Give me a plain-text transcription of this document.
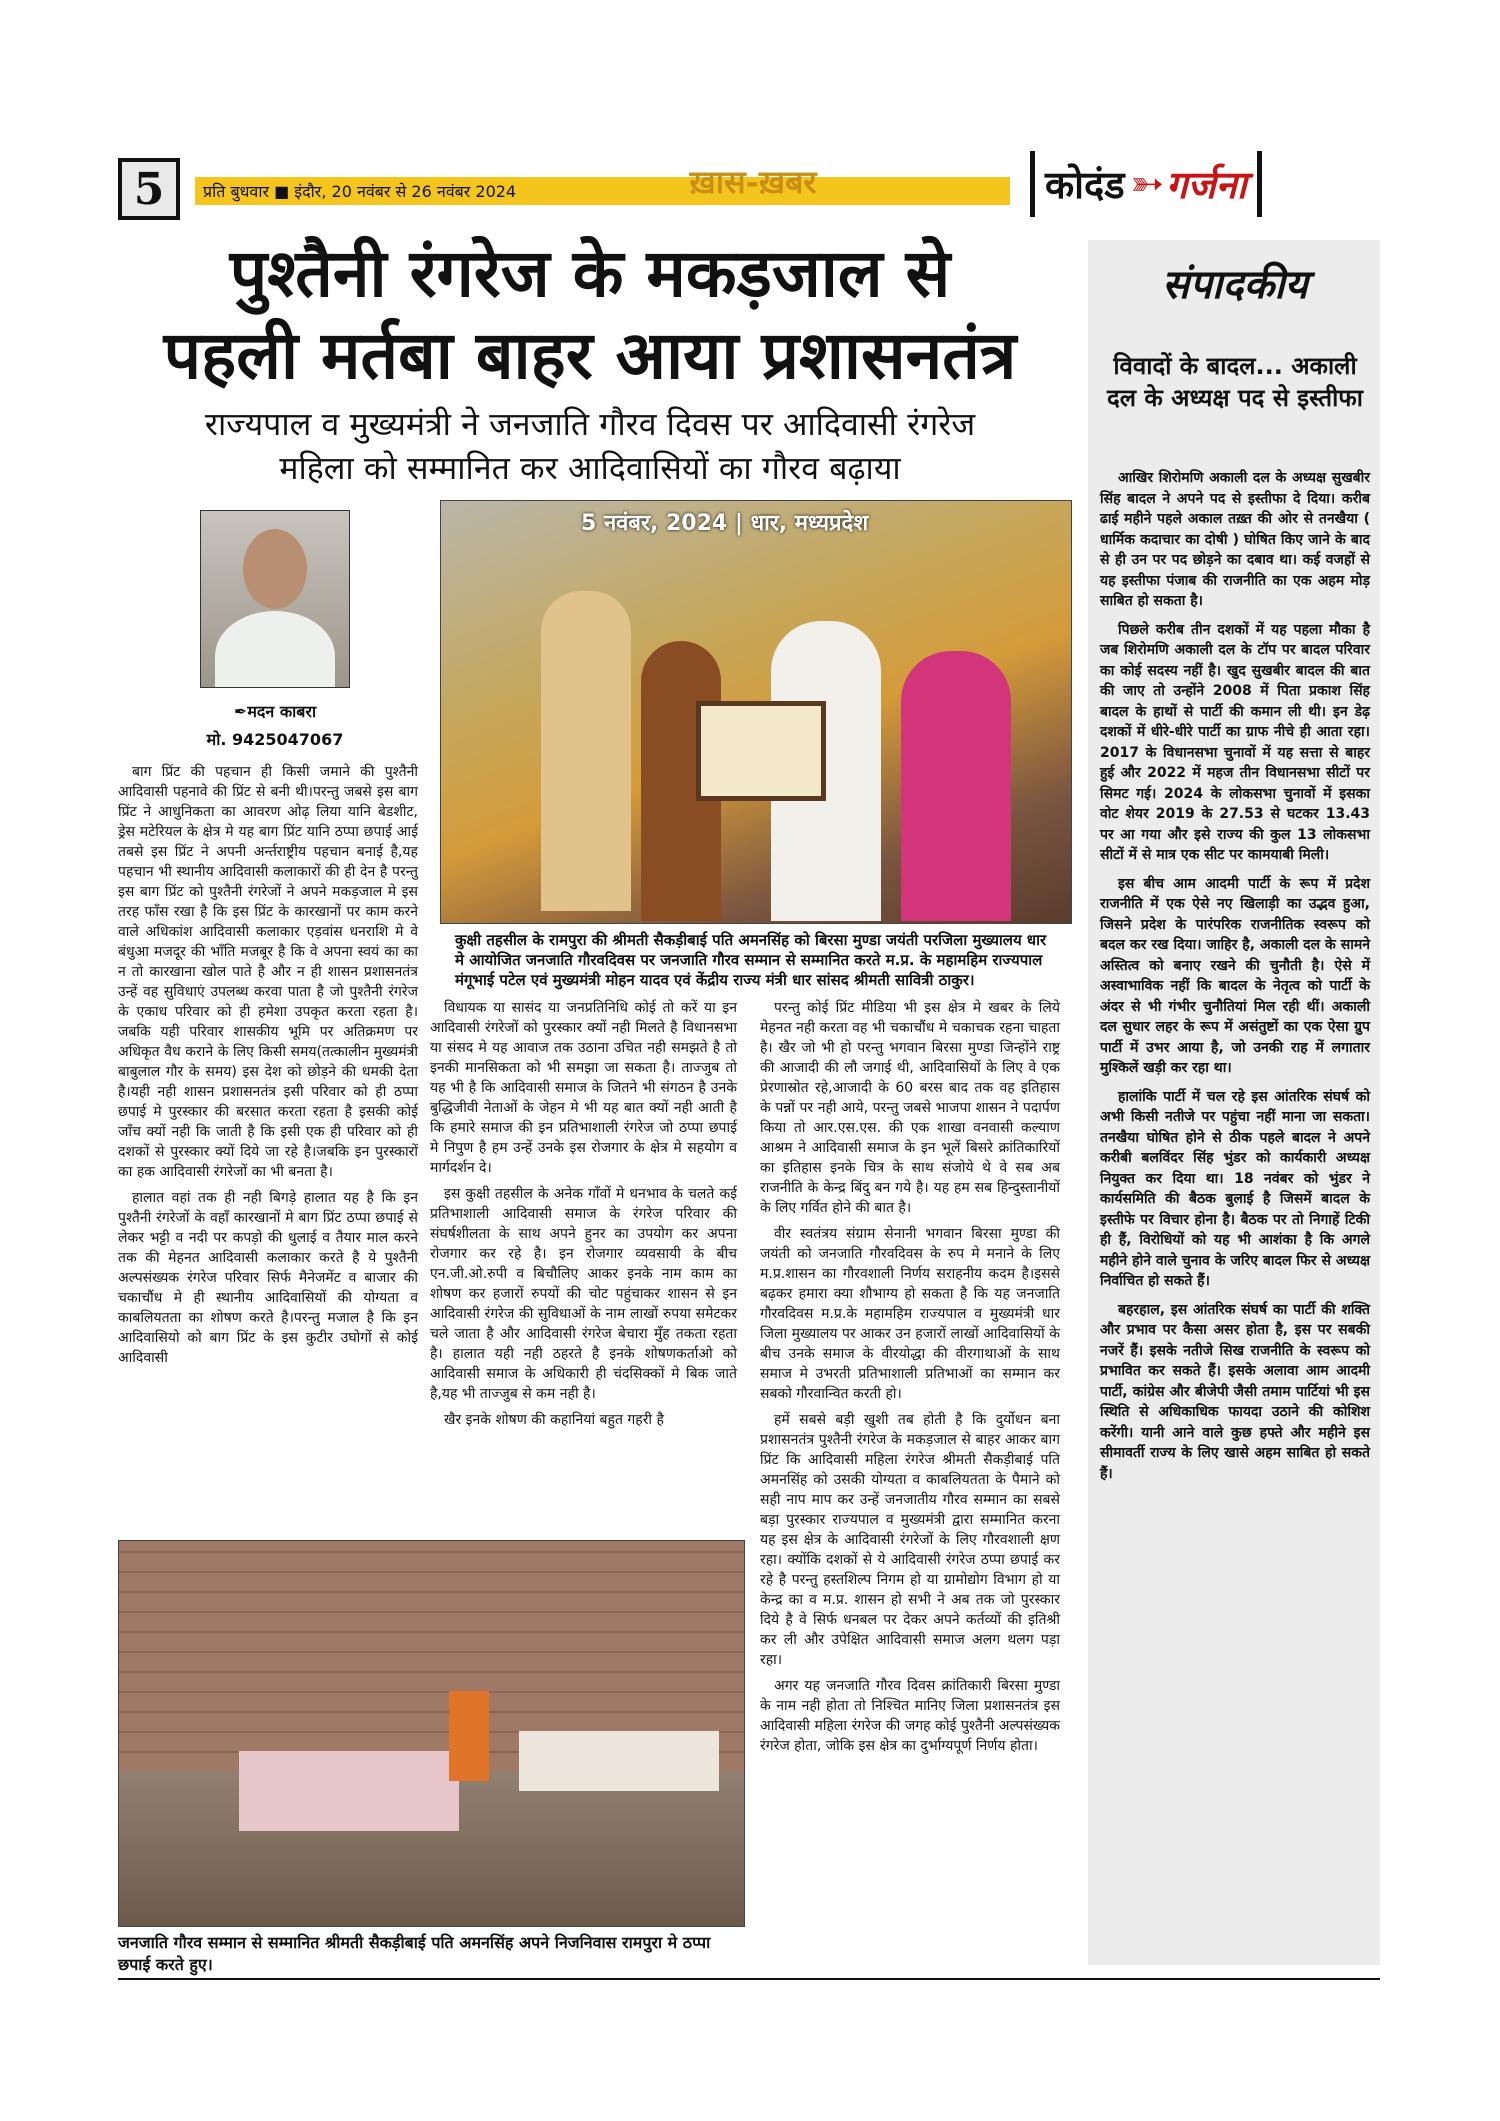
5	प्रति बुधवार ■ इंदौर, 20 नवंबर से 26 नवंबर 2024	ख़ास-ख़बर	कोदंड ➳ गर्जना
पुश्तैनी रंगरेज के मकड़जाल से
पहली मर्तबा बाहर आया प्रशासनतंत्र
राज्यपाल व मुख्यमंत्री ने जनजाति गौरव दिवस पर आदिवासी रंगरेज
महिला को सम्मानित कर आदिवासियों का गौरव बढ़ाया
✒मदन काबरा
मो. 9425047067
5 नवंबर, 2024 | धार, मध्यप्रदेश
कुक्षी तहसील के रामपुरा की श्रीमती सैकड़ीबाई पति अमनसिंह को बिरसा मुण्डा जयंती परजिला मुख्यालय धार मे आयोजित जनजाति गौरवदिवस पर जनजाति गौरव सम्मान से सम्मानित करते म.प्र. के महामहिम राज्यपाल मंगूभाई पटेल एवं मुख्यमंत्री मोहन यादव एवं केंद्रीय राज्य मंत्री धार सांसद श्रीमती सावित्री ठाकुर।

बाग प्रिंट की पहचान ही किसी जमाने की पुश्तैनी आदिवासी पहनावे की प्रिंट से बनी थी।परन्तु जबसे इस बाग प्रिंट ने आधुनिकता का आवरण ओढ़ लिया यानि बेडशीट, ड्रेस मटेरियल के क्षेत्र मे यह बाग प्रिंट यानि ठप्पा छपाई आई तबसे इस प्रिंट ने अपनी अर्न्तराष्ट्रीय पहचान बनाई है,यह पहचान भी स्थानीय आदिवासी कलाकारों की ही देन है परन्तु इस बाग प्रिंट को पुश्तैनी रंगरेजों ने अपने मकड़जाल मे इस तरह फाँस रखा है कि इस प्रिंट के कारखानों पर काम करने वाले अधिकांश आदिवासी कलाकार एड़वांस धनराशि मे वे बंधुआ मजदूर की भाँति मजबूर है कि वे अपना स्वयं का का न तो कारखाना खोल पाते है और न ही शासन प्रशासनतंत्र उन्हें वह सुविधाएं उपलब्ध करवा पाता है जो पुश्तैनी रंगरेज के एकाध परिवार को ही हमेशा उपकृत करता रहता है।जबकि यही परिवार शासकीय भूमि पर अतिक्रमण पर अधिकृत वैध कराने के लिए किसी समय(तत्कालीन मुख्यमंत्री बाबुलाल गौर के समय) इस देश को छोड़ने की धमकी देता है।यही नही शासन प्रशासनतंत्र इसी परिवार को ही ठप्पा छपाई मे पुरस्कार की बरसात करता रहता है इसकी कोई जाँच क्यों नही कि जाती है कि इसी एक ही परिवार को ही दशकों से पुरस्कार क्यों दिये जा रहे है।जबकि इन पुरस्कारों का हक आदिवासी रंगरेजों का भी बनता है।

हालात वहां तक ही नही बिगड़े हालात यह है कि इन पुश्तैनी रंगरेजों के वहाँ कारखानों मे बाग प्रिंट ठप्पा छपाई से लेकर भट्टी व नदी पर कपड़ो की धुलाई व तैयार माल करने तक की मेहनत आदिवासी कलाकार करते है ये पुश्तैनी अल्पसंख्यक रंगरेज परिवार सिर्फ मैनेजमेंट व बाजार की चकाचौंध मे ही स्थानीय आदिवासियों की योग्यता व काबलियतता का शोषण करते है।परन्तु मजाल है कि इन आदिवासियो को बाग प्रिंट के इस कुटीर उघोगों से कोई आदिवासी

विधायक या सासंद या जनप्रतिनिधि कोई तो करें या इन आदिवासी रंगरेजों को पुरस्कार क्यों नही मिलते है विधानसभा या संसद मे यह आवाज तक उठाना उचित नही समझते है तो इनकी मानसिकता को भी समझा जा सकता है। ताज्जुब तो यह भी है कि आदिवासी समाज के जितने भी संगठन है उनके बुद्धिजीवी नेताओं के जेहन मे भी यह बात क्यों नही आती है कि हमारे समाज की इन प्रतिभाशाली रंगरेज जो ठप्पा छपाई मे निपुण है हम उन्हें उनके इस रोजगार के क्षेत्र मे सहयोग व मार्गदर्शन दे।

इस कुक्षी तहसील के अनेक गाँवों मे धनभाव के चलते कई प्रतिभाशाली आदिवासी समाज के रंगरेज परिवार की संघर्षशीलता के साथ अपने हुनर का उपयोग कर अपना रोजगार कर रहे है। इन रोजगार व्यवसायी के बीच एन.जी.ओ.रुपी व बिचौलिए आकर इनके नाम काम का शोषण कर हजारों रुपयों की चोट पहुंचाकर शासन से इन आदिवासी रंगरेज की सुविधाओं के नाम लाखों रुपया समेटकर चले जाता है और आदिवासी रंगरेज बेचारा मुँह तकता रहता है। हालात यही नही ठहरते है इनके शोषणकर्ताओ को आदिवासी समाज के अधिकारी ही चंदसिक्कों मे बिक जाते है,यह भी ताज्जुब से कम नही है।

खैर इनके शोषण की कहानियां बहुत गहरी है

परन्तु कोई प्रिंट मीडिया भी इस क्षेत्र मे खबर के लिये मेहनत नही करता वह भी चकाचौंध मे चकाचक रहना चाहता है। खैर जो भी हो परन्तु भगवान बिरसा मुण्डा जिन्होंने राष्ट्र की आजादी की लौ जगाई थी, आदिवासियों के लिए वे एक प्रेरणास्रोत रहे,आजादी के 60 बरस बाद तक वह इतिहास के पन्नों पर नही आये, परन्तु जबसे भाजपा शासन ने पदार्पण किया तो आर.एस.एस. की एक शाखा वनवासी कल्याण आश्रम ने आदिवासी समाज के इन भूलें बिसरे क्रांतिकारियों का इतिहास इनके चित्र के साथ संजोये थे वे सब अब राजनीति के केन्द्र बिंदु बन गये है। यह हम सब हिन्दुस्तानीयों के लिए गर्वित होने की बात है।

वीर स्वतंत्रय संग्राम सेनानी भगवान बिरसा मुण्डा की जयंती को जनजाति गौरवदिवस के रुप मे मनाने के लिए म.प्र.शासन का गौरवशाली निर्णय सराहनीय कदम है।इससे बढ़कर हमारा क्या शौभाग्य हो सकता है कि यह जनजाति गौरवदिवस म.प्र.के महामहिम राज्यपाल व मुख्यमंत्री धार जिला मुख्यालय पर आकर उन हजारों लाखों आदिवासियों के बीच उनके समाज के वीरयोद्धा की वीरगाथाओं के साथ समाज मे उभरती प्रतिभाशाली प्रतिभाओं का सम्मान कर सबको गौरवान्वित करती हो।

हमें सबसे बड़ी खुशी तब होती है कि दुर्योधन बना प्रशासनतंत्र पुश्तैनी रंगरेज के मकड़जाल से बाहर आकर बाग प्रिंट कि आदिवासी महिला रंगरेज श्रीमती सैकड़ीबाई पति अमनसिंह को उसकी योग्यता व काबलियतता के पैमाने को सही नाप माप कर उन्हें जनजातीय गौरव सम्मान का सबसे बड़ा पुरस्कार राज्यपाल व मुख्यमंत्री द्वारा सम्मानित करना यह इस क्षेत्र के आदिवासी रंगरेजों के लिए गौरवशाली क्षण रहा। क्योंकि दशकों से ये आदिवासी रंगरेज ठप्पा छपाई कर रहे है परन्तु हस्तशिल्प निगम हो या ग्रामोद्योग विभाग हो या केन्द्र का व म.प्र. शासन हो सभी ने अब तक जो पुरस्कार दिये है वे सिर्फ धनबल पर देकर अपने कर्तव्यों की इतिश्री कर ली और उपेक्षित आदिवासी समाज अलग थलग पड़ा रहा।

अगर यह जनजाति गौरव दिवस क्रांतिकारी बिरसा मुण्डा के नाम नही होता तो निश्चित मानिए जिला प्रशासनतंत्र इस आदिवासी महिला रंगरेज की जगह कोई पुश्तैनी अल्पसंख्यक रंगरेज होता, जोकि इस क्षेत्र का दुर्भाग्यपूर्ण निर्णय होता।

जनजाति गौरव सम्मान से सम्मानित श्रीमती सैकड़ीबाई पति अमनसिंह अपने निजनिवास रामपुरा मे ठप्पा छपाई करते हुए।
संपादकीय
विवादों के बादल... अकाली दल के अध्यक्ष पद से इस्तीफा

आखिर शिरोमणि अकाली दल के अध्यक्ष सुखबीर सिंह बादल ने अपने पद से इस्तीफा दे दिया। करीब ढाई महीने पहले अकाल तख़्त की ओर से तनखैया ( धार्मिक कदाचार का दोषी ) घोषित किए जाने के बाद से ही उन पर पद छोड़ने का दबाव था। कई वजहों से यह इस्तीफा पंजाब की राजनीति का एक अहम मोड़ साबित हो सकता है।

पिछले करीब तीन दशकों में यह पहला मौका है जब शिरोमणि अकाली दल के टॉप पर बादल परिवार का कोई सदस्य नहीं है। खुद सुखबीर बादल की बात की जाए तो उन्होंने 2008 में पिता प्रकाश सिंह बादल के हाथों से पार्टी की कमान ली थी। इन डेढ़ दशकों में धीरे-धीरे पार्टी का ग्राफ नीचे ही आता रहा। 2017 के विधानसभा चुनावों में यह सत्ता से बाहर हुई और 2022 में महज तीन विधानसभा सीटों पर सिमट गई। 2024 के लोकसभा चुनावों में इसका वोट शेयर 2019 के 27.53 से घटकर 13.43 पर आ गया और इसे राज्य की कुल 13 लोकसभा सीटों में से मात्र एक सीट पर कामयाबी मिली।

इस बीच आम आदमी पार्टी के रूप में प्रदेश राजनीति में एक ऐसे नए खिलाड़ी का उद्भव हुआ, जिसने प्रदेश के पारंपरिक राजनीतिक स्वरूप को बदल कर रख दिया। जाहिर है, अकाली दल के सामने अस्तित्व को बनाए रखने की चुनौती है। ऐसे में अस्वाभाविक नहीं कि बादल के नेतृत्व को पार्टी के अंदर से भी गंभीर चुनौतियां मिल रही थीं। अकाली दल सुधार लहर के रूप में असंतुष्टों का एक ऐसा ग्रुप पार्टी में उभर आया है, जो उनकी राह में लगातार मुश्किलें खड़ी कर रहा था।

हालांकि पार्टी में चल रहे इस आंतरिक संघर्ष को अभी किसी नतीजे पर पहुंचा नहीं माना जा सकता। तनखैया घोषित होने से ठीक पहले बादल ने अपने करीबी बलविंदर सिंह भुंडर को कार्यकारी अध्यक्ष नियुक्त कर दिया था। 18 नवंबर को भुंडर ने कार्यसमिति की बैठक बुलाई है जिसमें बादल के इस्तीफे पर विचार होना है। बैठक पर तो निगाहें टिकी ही हैं, विरोधियों को यह भी आशंका है कि अगले महीने होने वाले चुनाव के जरिए बादल फिर से अध्यक्ष निर्वाचित हो सकते हैं।

बहरहाल, इस आंतरिक संघर्ष का पार्टी की शक्ति और प्रभाव पर कैसा असर होता है, इस पर सबकी नजरें हैं। इसके नतीजे सिख राजनीति के स्वरूप को प्रभावित कर सकते हैं। इसके अलावा आम आदमी पार्टी, कांग्रेस और बीजेपी जैसी तमाम पार्टियां भी इस स्थिति से अधिकाधिक फायदा उठाने की कोशिश करेंगी। यानी आने वाले कुछ हफ्ते और महीने इस सीमावर्ती राज्य के लिए खासे अहम साबित हो सकते हैं।
